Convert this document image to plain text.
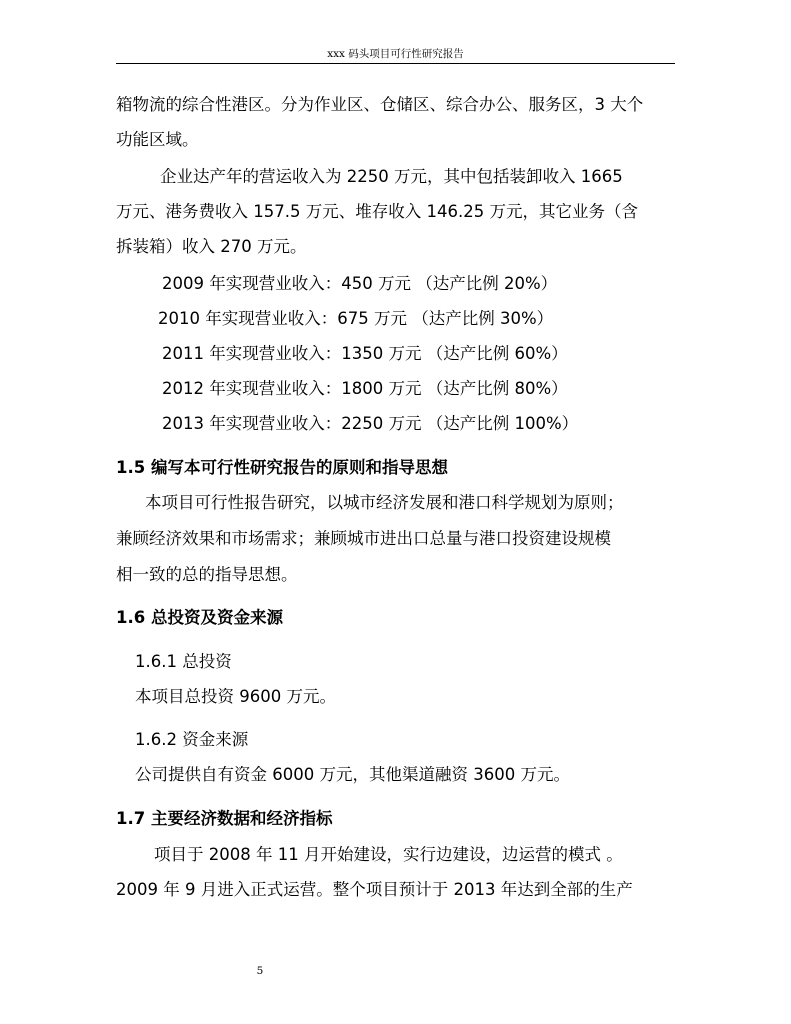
xxx 码头项目可行性研究报告
箱物流的综合性港区。分为作业区、仓储区、综合办公、服务区，3 大个
功能区域。
企业达产年的营运收入为 2250 万元，其中包括装卸收入 1665
万元、港务费收入 157.5 万元、堆存收入 146.25 万元，其它业务（含
拆装箱）收入 270 万元。
2009 年实现营业收入：450 万元 （达产比例 20%）
2010 年实现营业收入：675 万元 （达产比例 30%）
2011 年实现营业收入：1350 万元 （达产比例 60%）
2012 年实现营业收入：1800 万元 （达产比例 80%）
2013 年实现营业收入：2250 万元 （达产比例 100%）
1.5 编写本可行性研究报告的原则和指导思想
本项目可行性报告研究，以城市经济发展和港口科学规划为原则；
兼顾经济效果和市场需求；兼顾城市进出口总量与港口投资建设规模
相一致的总的指导思想。
1.6 总投资及资金来源
1.6.1 总投资
本项目总投资 9600 万元。
1.6.2 资金来源
公司提供自有资金 6000 万元，其他渠道融资 3600 万元。
1.7 主要经济数据和经济指标
项目于 2008 年 11 月开始建设，实行边建设，边运营的模式 。
2009 年 9 月进入正式运营。整个项目预计于 2013 年达到全部的生产
5
